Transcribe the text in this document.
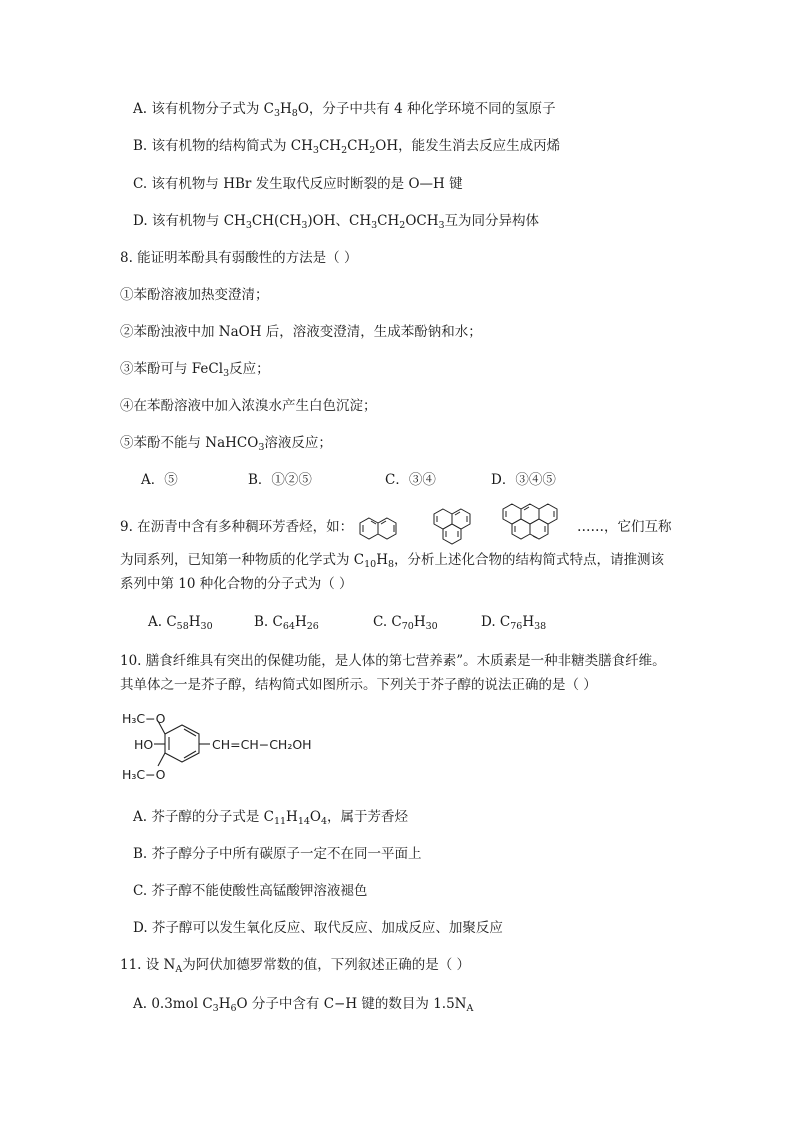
A. 该有机物分子式为 $C_3H_8O$，分子中共有 4 种化学环境不同的氢原子
B. 该有机物的结构简式为 $CH_3CH_2CH_2OH$，能发生消去反应生成丙烯
C. 该有机物与 HBr 发生取代反应时断裂的是 O—H 键
D. 该有机物与 $CH_3CH(CH_3)OH$、$CH_3CH_2OCH_3$互为同分异构体
8. 能证明苯酚具有弱酸性的方法是（ ）
①苯酚溶液加热变澄清；
②苯酚浊液中加 NaOH 后，溶液变澄清，生成苯酚钠和水；
③苯酚可与 FeCl$_3$反应；
④在苯酚溶液中加入浓溴水产生白色沉淀；
⑤苯酚不能与 NaHCO$_3$溶液反应；
A．⑤	B．①②⑤	C．③④	D．③④⑤
9. 在沥青中含有多种稠环芳香烃，如：	……，它们互称
为同系列，已知第一种物质的化学式为 $C_{10}H_8$，分析上述化合物的结构简式特点，请推测该
系列中第 10 种化合物的分子式为（ ）
A. $C_{58}H_{30}$	B. $C_{64}H_{26}$	C. $C_{70}H_{30}$	D. $C_{76}H_{38}$
10. 膳食纤维具有突出的保健功能，是人体的第七营养素”。木质素是一种非糖类膳食纤维。
其单体之一是芥子醇，结构简式如图所示。下列关于芥子醇的说法正确的是（ ）
H₃C−O
HO	CH=CH−CH₂OH
H₃C−O
A. 芥子醇的分子式是 $C_{11}H_{14}O_4$，属于芳香烃
B. 芥子醇分子中所有碳原子一定不在同一平面上
C. 芥子醇不能使酸性高锰酸钾溶液褪色
D. 芥子醇可以发生氧化反应、取代反应、加成反应、加聚反应
11. 设 $N_A$为阿伏加德罗常数的值，下列叙述正确的是（ ）
A. 0.3mol $C_3H_6O$ 分子中含有 C−H 键的数目为 $1.5N_A$
